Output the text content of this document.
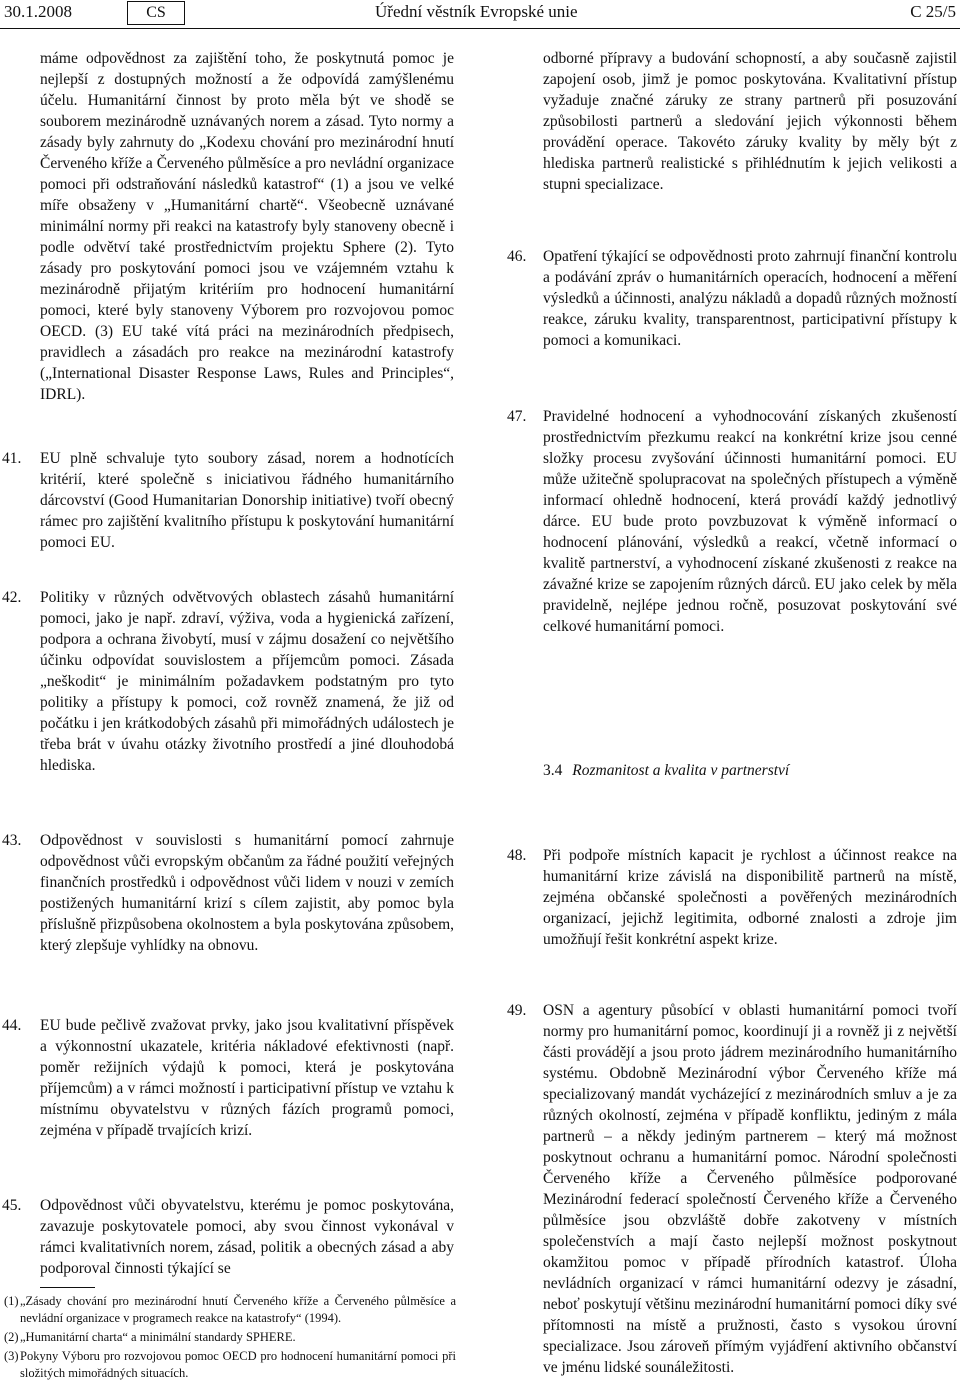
30.1.2008	CS	Úřední věstník Evropské unie	C 25/5

máme odpovědnost za zajištění toho, že poskytnutá pomoc je nejlepší z dostupných možností a že odpovídá zamýšlenému účelu. Humanitární činnost by proto měla být ve shodě se souborem mezinárodně uznávaných norem a zásad. Tyto normy a zásady byly zahrnuty do „Kodexu chování pro mezinárodní hnutí Červeného kříže a Červeného půlměsíce a pro nevládní organizace pomoci při odstraňování následků katastrof“ (1) a jsou ve velké míře obsaženy v „Humanitární chartě“. Všeobecně uznávané minimální normy při reakci na katastrofy byly stanoveny obecně i podle odvětví také prostřednictvím projektu Sphere (2). Tyto zásady pro poskytování pomoci jsou ve vzájemném vztahu k mezinárodně přijatým kritériím pro hodnocení humanitární pomoci, které byly stanoveny Výborem pro rozvojovou pomoc OECD. (3) EU také vítá práci na mezinárodních předpisech, pravidlech a zásadách pro reakce na mezinárodní katastrofy („International Disaster Response Laws, Rules and Principles“, IDRL).

odborné přípravy a budování schopností, a aby současně zajistil zapojení osob, jimž je pomoc poskytována. Kvalitativní přístup vyžaduje značné záruky ze strany partnerů při posuzování způsobilosti partnerů a sledování jejich výkonnosti během provádění operace. Takovéto záruky kvality by měly být z hlediska partnerů realistické s přihlédnutím k jejich velikosti a stupni specializace.

41. EU plně schvaluje tyto soubory zásad, norem a hodnotících kritérií, které společně s iniciativou řádného humanitárního dárcovství (Good Humanitarian Donorship initiative) tvoří obecný rámec pro zajištění kvalitního přístupu k poskytování humanitární pomoci EU.

42. Politiky v různých odvětvových oblastech zásahů humanitární pomoci, jako je např. zdraví, výživa, voda a hygienická zařízení, podpora a ochrana živobytí, musí v zájmu dosažení co největšího účinku odpovídat souvislostem a příjemcům pomoci. Zásada „neškodit“ je minimálním požadavkem podstatným pro tyto politiky a přístupy k pomoci, což rovněž znamená, že již od počátku i jen krátkodobých zásahů při mimořádných událostech je třeba brát v úvahu otázky životního prostředí a jiné dlouhodobá hlediska.

43. Odpovědnost v souvislosti s humanitární pomocí zahrnuje odpovědnost vůči evropským občanům za řádné použití veřejných finančních prostředků i odpovědnost vůči lidem v nouzi v zemích postižených humanitární krizí s cílem zajistit, aby pomoc byla příslušně přizpůsobena okolnostem a byla poskytována způsobem, který zlepšuje vyhlídky na obnovu.

44. EU bude pečlivě zvažovat prvky, jako jsou kvalitativní příspěvek a výkonnostní ukazatele, kritéria nákladové efektivnosti (např. poměr režijních výdajů k pomoci, která je poskytována příjemcům) a v rámci možností i participativní přístup ve vztahu k místnímu obyvatelstvu v různých fázích programů pomoci, zejména v případě trvajících krizí.

45. Odpovědnost vůči obyvatelstvu, kterému je pomoc poskytována, zavazuje poskytovatele pomoci, aby svou činnost vykonával v rámci kvalitativních norem, zásad, politik a obecných zásad a aby podporoval činnosti týkající se

46. Opatření týkající se odpovědnosti proto zahrnují finanční kontrolu a podávání zpráv o humanitárních operacích, hodnocení a měření výsledků a účinnosti, analýzu nákladů a dopadů různých možností reakce, záruku kvality, transparentnost, participativní přístupy k pomoci a komunikaci.

47. Pravidelné hodnocení a vyhodnocování získaných zkušeností prostřednictvím přezkumu reakcí na konkrétní krize jsou cenné složky procesu zvyšování účinnosti humanitární pomoci. EU může užitečně spolupracovat na společných přístupech a výměně informací ohledně hodnocení, která provádí každý jednotlivý dárce. EU bude proto povzbuzovat k výměně informací o hodnocení plánování, výsledků a reakcí, včetně informací o kvalitě partnerství, a vyhodnocení získané zkušenosti z reakce na závažné krize se zapojením různých dárců. EU jako celek by měla pravidelně, nejlépe jednou ročně, posuzovat poskytování své celkové humanitární pomoci.

3.4 Rozmanitost a kvalita v partnerství
48. Při podpoře místních kapacit je rychlost a účinnost reakce na humanitární krize závislá na disponibilitě partnerů na místě, zejména občanské společnosti a pověřených mezinárodních organizací, jejichž legitimita, odborné znalosti a zdroje jim umožňují řešit konkrétní aspekt krize.

49. OSN a agentury působící v oblasti humanitární pomoci tvoří normy pro humanitární pomoc, koordinují ji a rovněž ji z největší části provádějí a jsou proto jádrem mezinárodního humanitárního systému. Obdobně Mezinárodní výbor Červeného kříže má specializovaný mandát vycházející z mezinárodních smluv a je za různých okolností, zejména v případě konfliktu, jediným z mála partnerů – a někdy jediným partnerem – který má možnost poskytnout ochranu a humanitární pomoc. Národní společnosti Červeného kříže a Červeného půlměsíce podporované Mezinárodní federací společností Červeného kříže a Červeného půlměsíce jsou obzvláště dobře zakotveny v místních společenstvích a mají často nejlepší možnost poskytnout okamžitou pomoc v případě přírodních katastrof. Úloha nevládních organizací v rámci humanitární odezvy je zásadní, neboť poskytují většinu mezinárodní humanitární pomoci díky své přítomnosti na místě a pružnosti, často s vysokou úrovní specializace. Jsou zároveň přímým vyjádření aktivního občanství ve jménu lidské sounáležitosti.

(1) „Zásady chování pro mezinárodní hnutí Červeného kříže a Červeného půlměsíce a nevládní organizace v programech reakce na katastrofy“ (1994).
(2) „Humanitární charta“ a minimální standardy SPHERE.
(3) Pokyny Výboru pro rozvojovou pomoc OECD pro hodnocení humanitární pomoci při složitých mimořádných situacích.
